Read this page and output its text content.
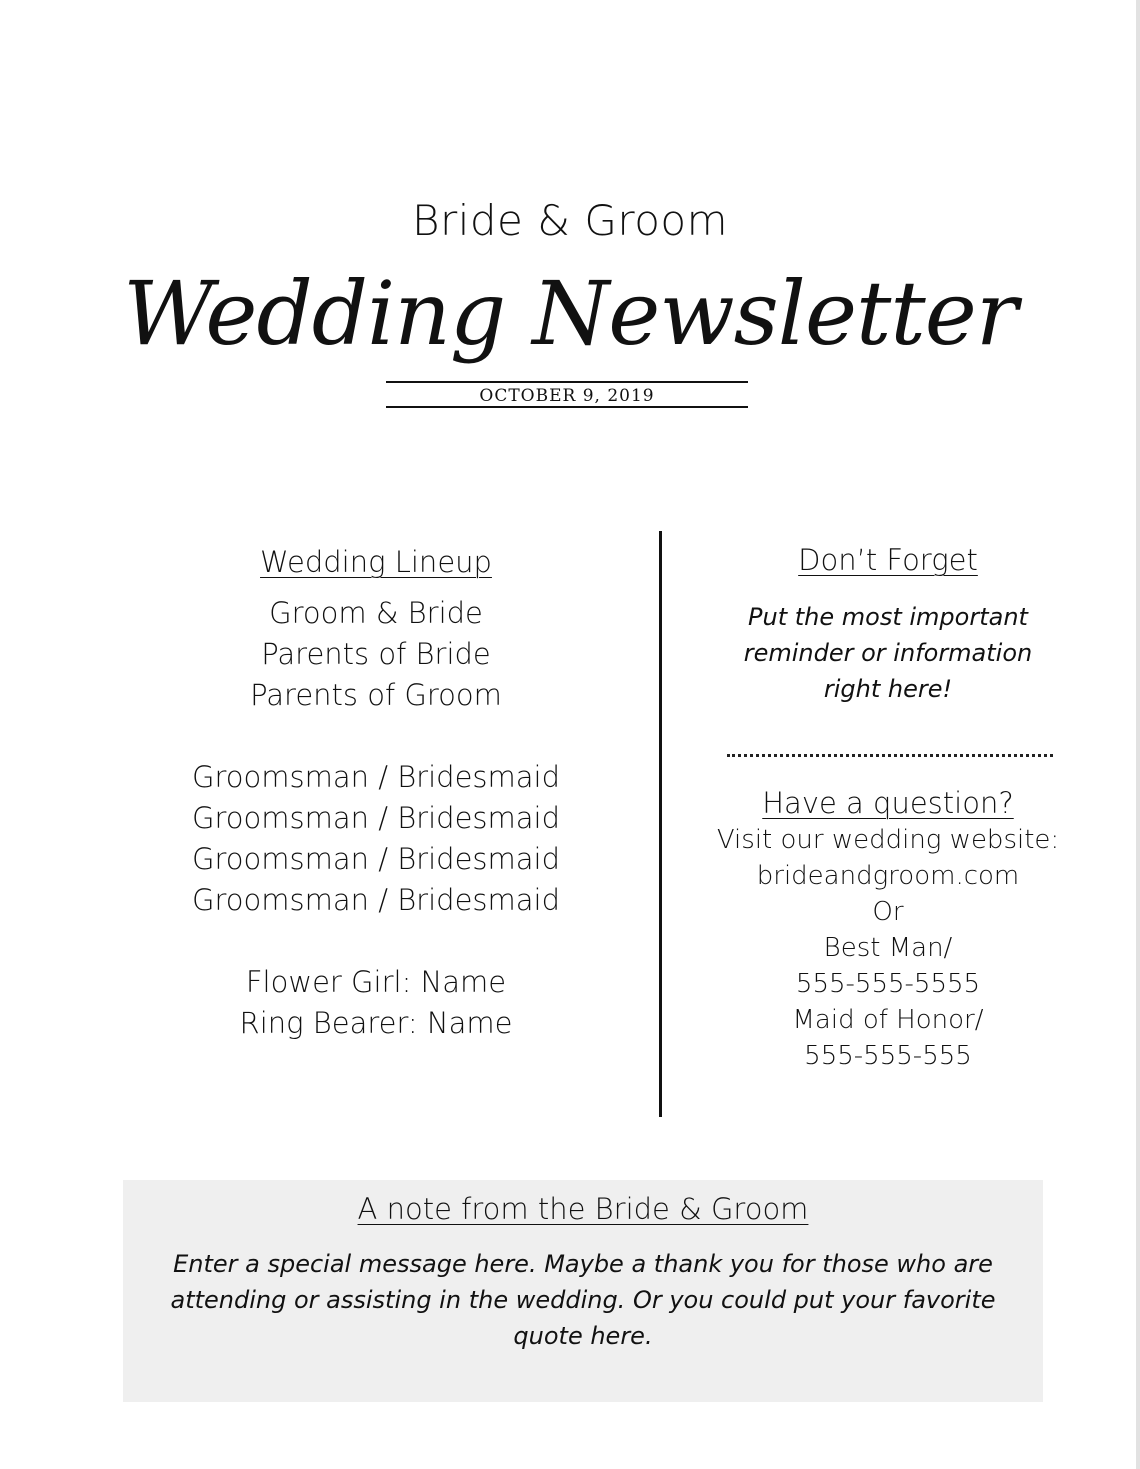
Bride & Groom
Wedding Newsletter
OCTOBER 9, 2019
Wedding Lineup
Groom & Bride
Parents of Bride
Parents of Groom
Groomsman / Bridesmaid
Groomsman / Bridesmaid
Groomsman / Bridesmaid
Groomsman / Bridesmaid
Flower Girl: Name
Ring Bearer: Name
Don’t Forget
Put the most important
reminder or information
right here!
Have a question?
Visit our wedding website:
brideandgroom.com
Or
Best Man/
555-555-5555
Maid of Honor/
555-555-555
A note from the Bride & Groom
Enter a special message here. Maybe a thank you for those who are
attending or assisting in the wedding. Or you could put your favorite
quote here.
